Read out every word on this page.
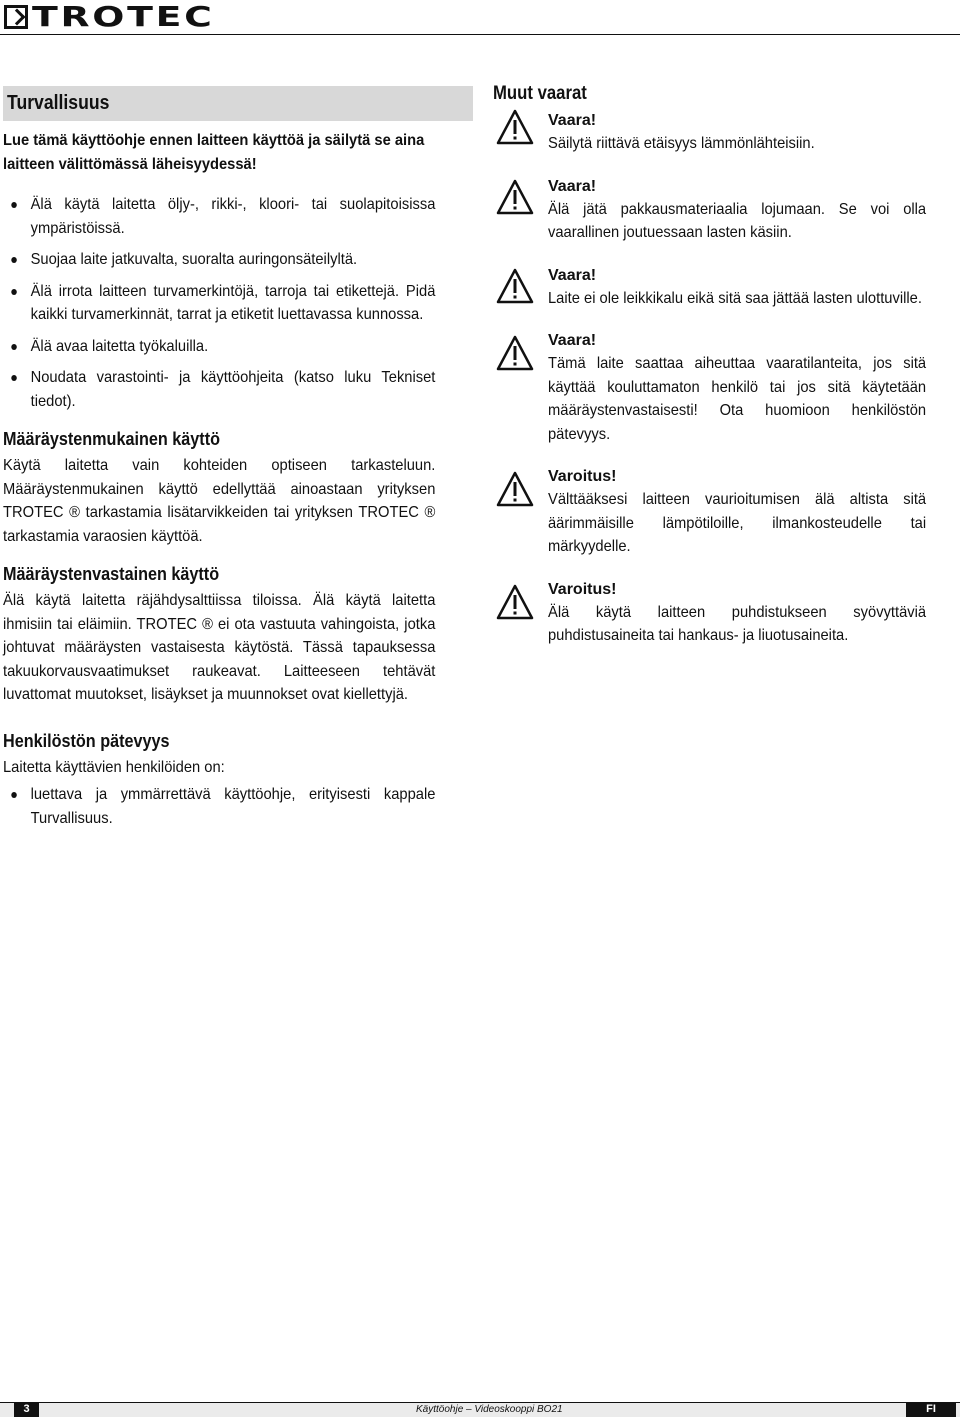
TROTEC
Turvallisuus

Lue tämä käyttöohje ennen laitteen käyttöä ja säilytä se aina laitteen välittömässä läheisyydessä!

Älä käytä laitetta öljy-, rikki-, kloori- tai suolapitoisissa ympäristöissä.
Suojaa laite jatkuvalta, suoralta auringonsäteilyltä.
Älä irrota laitteen turvamerkintöjä, tarroja tai etikettejä. Pidä kaikki turvamerkinnät, tarrat ja etiketit luettavassa kunnossa.
Älä avaa laitetta työkaluilla.
Noudata varastointi- ja käyttöohjeita (katso luku Tekniset tiedot).
Määräystenmukainen käyttö

Käytä laitetta vain kohteiden optiseen tarkasteluun. Määräystenmukainen käyttö edellyttää ainoastaan yrityksen TROTEC ® tarkastamia lisätarvikkeiden tai yrityksen TROTEC ® tarkastamia varaosien käyttöä.

Määräystenvastainen käyttö

Älä käytä laitetta räjähdysalttiissa tiloissa. Älä käytä laitetta ihmisiin tai eläimiin. TROTEC ® ei ota vastuuta vahingoista, jotka johtuvat määräysten vastaisesta käytöstä. Tässä tapauksessa takuukorvausvaatimukset raukeavat. Laitteeseen tehtävät luvattomat muutokset, lisäykset ja muunnokset ovat kiellettyjä.

Henkilöstön pätevyys

Laitetta käyttävien henkilöiden on:

luettava ja ymmärrettävä käyttöohje, erityisesti kappale Turvallisuus.
Muut vaarat
Vaara!

Säilytä riittävä etäisyys lämmönlähteisiin.

Vaara!

Älä jätä pakkausmateriaalia lojumaan. Se voi olla vaarallinen joutuessaan lasten käsiin.

Vaara!

Laite ei ole leikkikalu eikä sitä saa jättää lasten ulottuville.

Vaara!

Tämä laite saattaa aiheuttaa vaaratilanteita, jos sitä käyttää kouluttamaton henkilö tai jos sitä käytetään määräystenvastaisesti! Ota huomioon henkilöstön pätevyys.

Varoitus!

Välttääksesi laitteen vaurioitumisen älä altista sitä äärimmäisille lämpötiloille, ilmankosteudelle tai märkyydelle.

Varoitus!

Älä käytä laitteen puhdistukseen syövyttäviä puhdistusaineita tai hankaus- ja liuotusaineita.

3	Käyttöohje – Videoskooppi BO21	FI
